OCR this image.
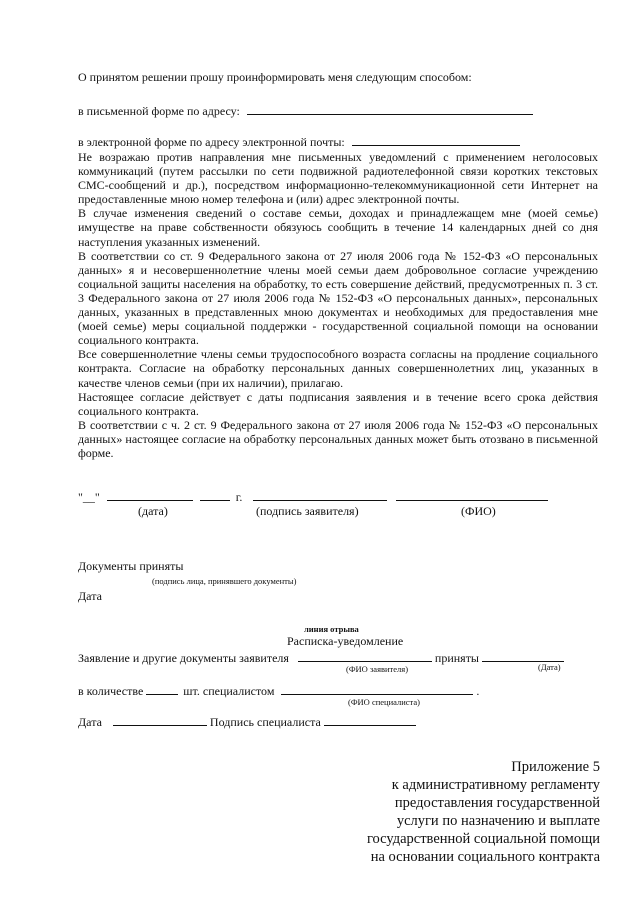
О принятом решении прошу проинформировать меня следующим способом:
в письменной форме по адресу:
в электронной форме по адресу электронной почты:
Не возражаю против направления мне письменных уведомлений с применением неголосовых коммуникаций (путем рассылки по сети подвижной радиотелефонной связи коротких текстовых СМС-сообщений и др.), посредством информационно-телекоммуникационной сети Интернет на предоставленные мною номер телефона и (или) адрес электронной почты.
В случае изменения сведений о составе семьи, доходах и принадлежащем мне (моей семье) имуществе на праве собственности обязуюсь сообщить в течение 14 календарных дней со дня наступления указанных изменений.
В соответствии со ст. 9 Федерального закона от 27 июля 2006 года № 152-ФЗ «О персональных данных» я и несовершеннолетние члены моей семьи даем добровольное согласие учреждению социальной защиты населения на обработку, то есть совершение действий, предусмотренных п. 3 ст. 3 Федерального закона от 27 июля 2006 года № 152-ФЗ «О персональных данных», персональных данных, указанных в представленных мною документах и необходимых для предоставления мне (моей семье) меры социальной поддержки - государственной социальной помощи на основании социального контракта.
Все совершеннолетние члены семьи трудоспособного возраста согласны на продление социального контракта. Согласие на обработку персональных данных совершеннолетних лиц, указанных в качестве членов семьи (при их наличии), прилагаю.
Настоящее согласие действует с даты подписания заявления и в течение всего срока действия социального контракта.
В соответствии с ч. 2 ст. 9 Федерального закона от 27 июля 2006 года № 152-ФЗ «О персональных данных» настоящее согласие на обработку персональных данных может быть отозвано в письменной форме.
"__"	г.
(дата)	(подпись заявителя)	(ФИО)
Документы приняты
(подпись лица, принявшего документы)
Дата
линия отрыва
Расписка-уведомление
Заявление и другие документы заявителя	приняты
(ФИО заявителя)	(Дата)
в количестве	шт. специалистом	.
(ФИО специалиста)
Дата	Подпись специалиста
Приложение 5
к административному регламенту
предоставления государственной
услуги по назначению и выплате
государственной социальной помощи
на основании социального контракта
